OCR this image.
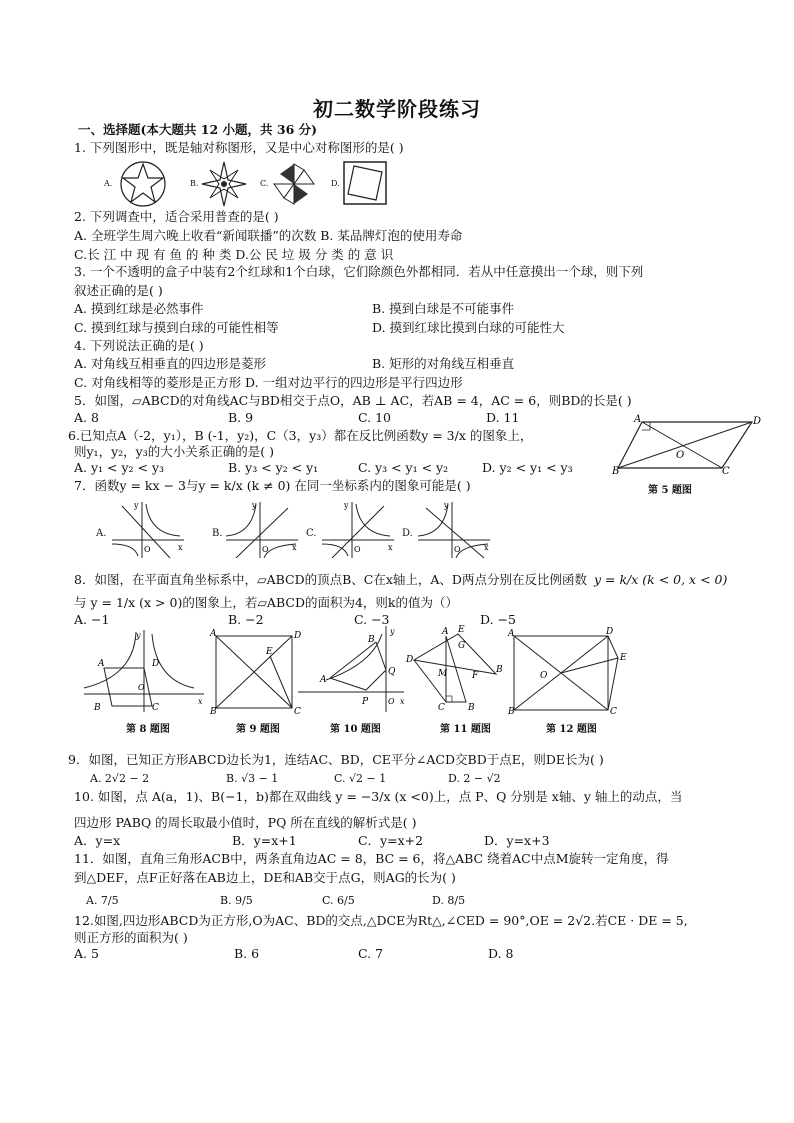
初二数学阶段练习
一、选择题(本大题共 12 小题，共 36 分)
1. 下列图形中，既是轴对称图形，又是中心对称图形的是( )
A.	B.	C.	D.
2. 下列调查中，适合采用普查的是( )
A. 全班学生周六晚上收看“新闻联播”的次数 B. 某品牌灯泡的使用寿命
C.长 江 中 现 有 鱼 的 种 类 D.公 民 垃 圾 分 类 的 意 识
3. 一个不透明的盒子中装有2个红球和1个白球，它们除颜色外都相同．若从中任意摸出一个球，则下列
叙述正确的是( )
A. 摸到红球是必然事件	B. 摸到白球是不可能事件
C. 摸到红球与摸到白球的可能性相等	D. 摸到红球比摸到白球的可能性大
4. 下列说法正确的是( )
A. 对角线互相垂直的四边形是菱形	B. 矩形的对角线互相垂直
C. 对角线相等的菱形是正方形 D. 一组对边平行的四边形是平行四边形
5．如图，▱ABCD的对角线AC与BD相交于点O，AB ⊥ AC，若AB = 4，AC = 6，则BD的长是( )
A. 8	B. 9	C. 10	D. 11	A	D
B	C
O
第 5 题图
6.已知点A（-2，y₁），B (-1，y₂)，C（3，y₃）都在反比例函数y = 3/x 的图象上，
则y₁，y₂，y₃的大小关系正确的是( )
A. y₁ < y₂ < y₃	B. y₃ < y₂ < y₁	C. y₃ < y₁ < y₂	D. y₂ < y₁ < y₃
7．函数y = kx − 3与y = k/x (k ≠ 0) 在同一坐标系内的图象可能是( )
A.
O	x
y
B.
O	x
y
C.
O	x
y
D.
O	x
y
8．如图，在平面直角坐标系中，▱ABCD的顶点B、C在x轴上，A、D两点分别在反比例函数 y = k/x (k < 0, x < 0)
与 y = 1/x (x > 0)的图象上，若▱ABCD的面积为4，则k的值为（）
A. −1	B. −2	C. −3	D. −5
A	D
B	C
O
x
y	A	D
B	C
E
A
B
Q
P O x
y	A E
D
B
G
F
M
C	B
A	D
B	C
E
O
第 8 题图	第 9 题图	第 10 题图	第 11 题图	第 12 题图
9．如图，已知正方形ABCD边长为1，连结AC、BD，CE平分∠ACD交BD于点E，则DE长为( )
A. 2√2 − 2	B. √3 − 1	C. √2 − 1	D. 2 − √2
10. 如图，点 A(a，1)、B(−1，b)都在双曲线 y = −3/x (x <0)上，点 P、Q 分别是 x轴、y 轴上的动点，当
四边形 PABQ 的周长取最小值时，PQ 所在直线的解析式是( )
A．y=x	B．y=x+1	C．y=x+2	D．y=x+3
11．如图，直角三角形ACB中，两条直角边AC = 8，BC = 6，将△ABC 绕着AC中点M旋转一定角度，得
到△DEF，点F正好落在AB边上，DE和AB交于点G，则AG的长为( )
A. 7/5	B. 9/5	C. 6/5	D. 8/5
12.如图,四边形ABCD为正方形,O为AC、BD的交点,△DCE为Rt△,∠CED = 90°,OE = 2√2.若CE · DE = 5,
则正方形的面积为( )
A. 5	B. 6	C. 7	D. 8
